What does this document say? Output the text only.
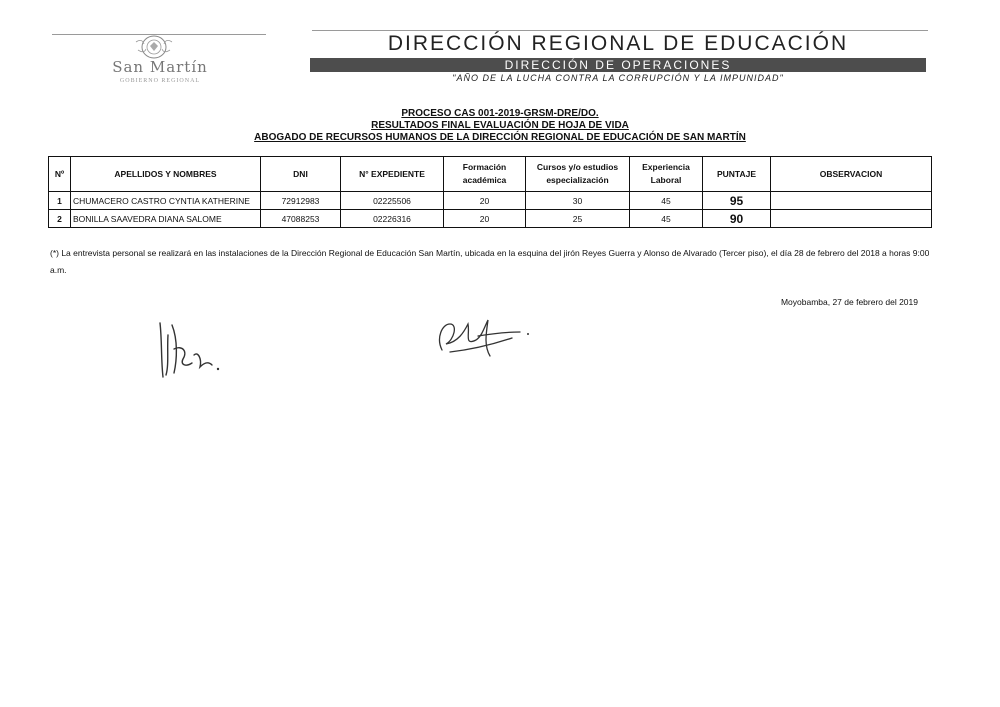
San Martín
GOBIERNO REGIONAL
DIRECCIÓN REGIONAL DE EDUCACIÓN
DIRECCIÓN DE OPERACIONES
"AÑO DE LA LUCHA CONTRA LA CORRUPCIÓN Y LA IMPUNIDAD"
PROCESO CAS 001-2019-GRSM-DRE/DO.
RESULTADOS FINAL EVALUACIÓN DE HOJA DE VIDA
ABOGADO DE RECURSOS HUMANOS DE LA DIRECCIÓN REGIONAL DE EDUCACIÓN DE SAN MARTÍN
Nº	APELLIDOS Y NOMBRES	DNI	N° EXPEDIENTE	Formación académica	Cursos y/o estudios especialización	Experiencia Laboral	PUNTAJE	OBSERVACION
1	CHUMACERO CASTRO CYNTIA KATHERINE	72912983	02225506	20	30	45	95	
2	BONILLA SAAVEDRA DIANA SALOME	47088253	02226316	20	25	45	90	
(*) La entrevista personal se realizará en las instalaciones de la Dirección Regional de Educación San Martín, ubicada en la esquina del jirón Reyes Guerra y Alonso de Alvarado (Tercer piso), el día 28 de febrero del 2018 a horas 9:00 a.m.
Moyobamba, 27 de febrero del 2019
